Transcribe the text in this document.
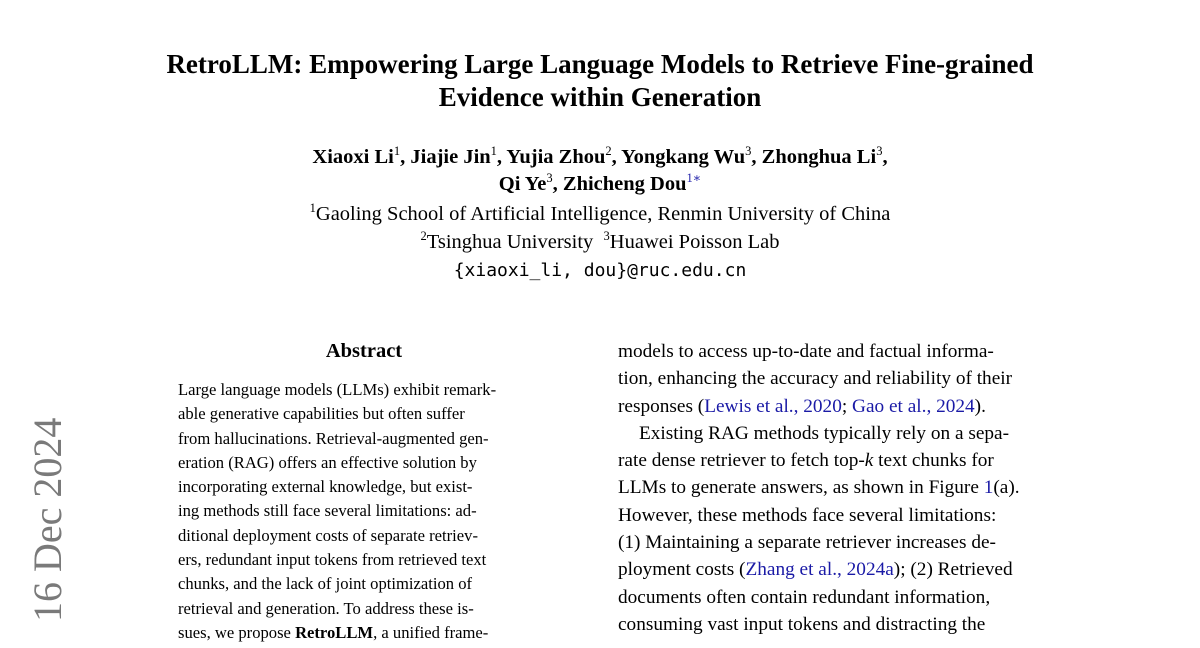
16 Dec 2024
RetroLLM: Empowering Large Language Models to Retrieve Fine-grained
Evidence within Generation
Xiaoxi Li$^1$, Jiajie Jin$^1$, Yujia Zhou$^2$, Yongkang Wu$^3$, Zhonghua Li$^3$,
Qi Ye$^3$, Zhicheng Dou$^{1∗}$
$^1$Gaoling School of Artificial Intelligence, Renmin University of China
$^2$Tsinghua University $^3$Huawei Poisson Lab
{xiaoxi_li, dou}@ruc.edu.cn
Abstract
Large language models (LLMs) exhibit remark-
able generative capabilities but often suffer
from hallucinations. Retrieval-augmented gen-
eration (RAG) offers an effective solution by
incorporating external knowledge, but exist-
ing methods still face several limitations: ad-
ditional deployment costs of separate retriev-
ers, redundant input tokens from retrieved text
chunks, and the lack of joint optimization of
retrieval and generation. To address these is-
sues, we propose RetroLLM, a unified frame-
models to access up-to-date and factual informa-
tion, enhancing the accuracy and reliability of their
responses (Lewis et al., 2020; Gao et al., 2024).
Existing RAG methods typically rely on a sepa-
rate dense retriever to fetch top-k text chunks for
LLMs to generate answers, as shown in Figure 1(a).
However, these methods face several limitations:
(1) Maintaining a separate retriever increases de-
ployment costs (Zhang et al., 2024a); (2) Retrieved
documents often contain redundant information,
consuming vast input tokens and distracting the
